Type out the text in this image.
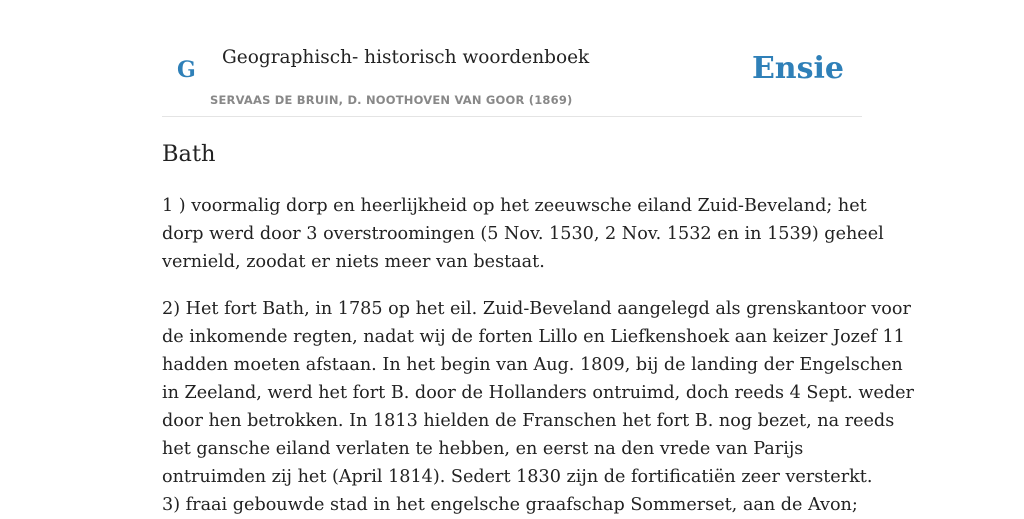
G Geographisch- historisch woordenboek
SERVAAS DE BRUIN, D. NOOTHOVEN VAN GOOR (1869)
Ensie
Bath

1 ) voormalig dorp en heerlijkheid op het zeeuwsche eiland Zuid-Beveland; het
dorp werd door 3 overstroomingen (5 Nov. 1530, 2 Nov. 1532 en in 1539) geheel
vernield, zoodat er niets meer van bestaat.

2) Het fort Bath, in 1785 op het eil. Zuid-Beveland aangelegd als grenskantoor voor
de inkomende regten, nadat wij de forten Lillo en Liefkenshoek aan keizer Jozef 11
hadden moeten afstaan. In het begin van Aug. 1809, bij de landing der Engelschen
in Zeeland, werd het fort B. door de Hollanders ontruimd, doch reeds 4 Sept. weder
door hen betrokken. In 1813 hielden de Franschen het fort B. nog bezet, na reeds
het gansche eiland verlaten te hebben, en eerst na den vrede van Parijs
ontruimden zij het (April 1814). Sedert 1830 zijn de fortificatiën zeer versterkt.
3) fraai gebouwde stad in het engelsche graafschap Sommerset, aan de Avon;
